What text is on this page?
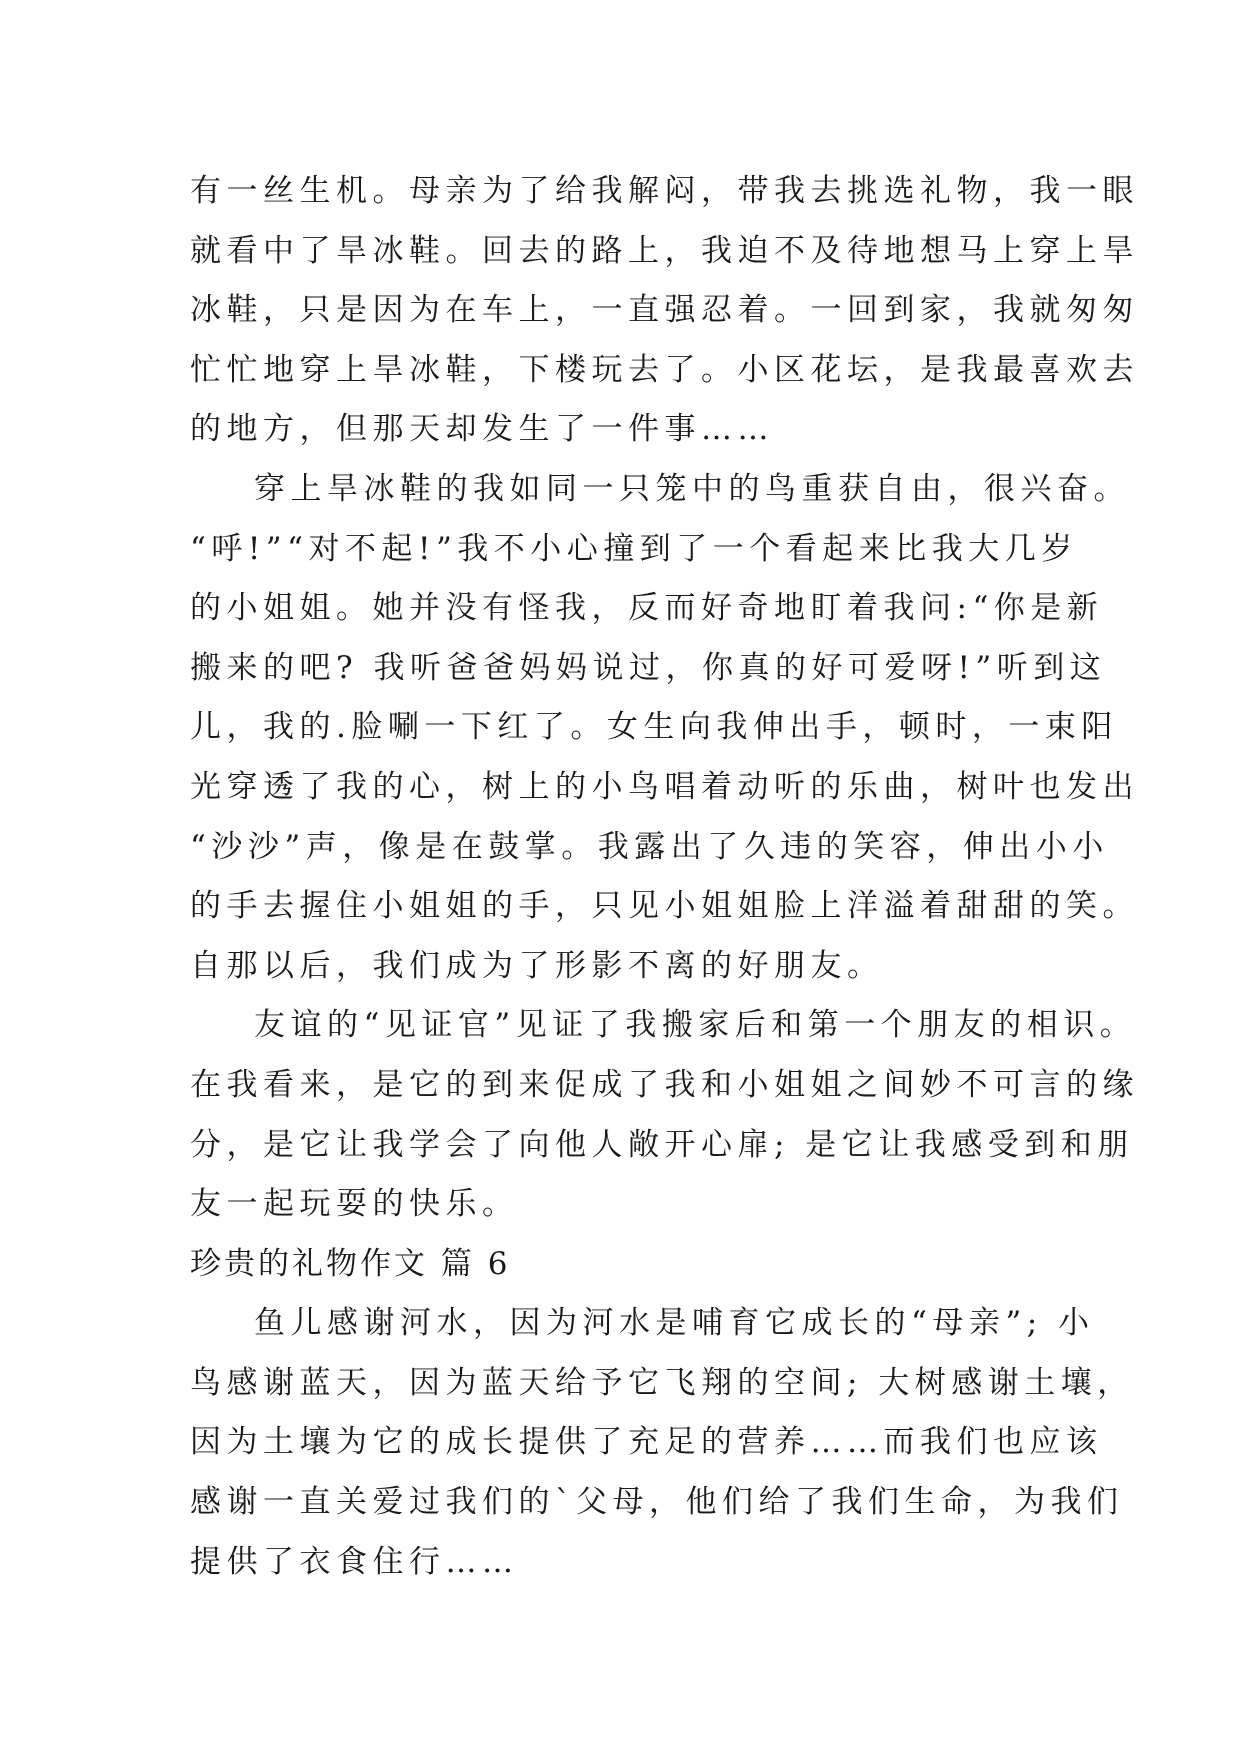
有一丝生机。母亲为了给我解闷，带我去挑选礼物，我一眼
就看中了旱冰鞋。回去的路上，我迫不及待地想马上穿上旱
冰鞋，只是因为在车上，一直强忍着。一回到家，我就匆匆
忙忙地穿上旱冰鞋，下楼玩去了。小区花坛，是我最喜欢去
的地方，但那天却发生了一件事……
穿上旱冰鞋的我如同一只笼中的鸟重获自由，很兴奋。
“呼!”“对不起!”我不小心撞到了一个看起来比我大几岁
的小姐姐。她并没有怪我，反而好奇地盯着我问:“你是新
搬来的吧? 我听爸爸妈妈说过，你真的好可爱呀!”听到这
儿，我的.脸唰一下红了。女生向我伸出手，顿时，一束阳
光穿透了我的心，树上的小鸟唱着动听的乐曲，树叶也发出
“沙沙”声，像是在鼓掌。我露出了久违的笑容，伸出小小
的手去握住小姐姐的手，只见小姐姐脸上洋溢着甜甜的笑。
自那以后，我们成为了形影不离的好朋友。
友谊的“见证官”见证了我搬家后和第一个朋友的相识。
在我看来，是它的到来促成了我和小姐姐之间妙不可言的缘
分，是它让我学会了向他人敞开心扉; 是它让我感受到和朋
友一起玩耍的快乐。
珍贵的礼物作文 篇 6
鱼儿感谢河水，因为河水是哺育它成长的“母亲”; 小
鸟感谢蓝天，因为蓝天给予它飞翔的空间; 大树感谢土壤，
因为土壤为它的成长提供了充足的营养……而我们也应该
感谢一直关爱过我们的`父母，他们给了我们生命，为我们
提供了衣食住行……
